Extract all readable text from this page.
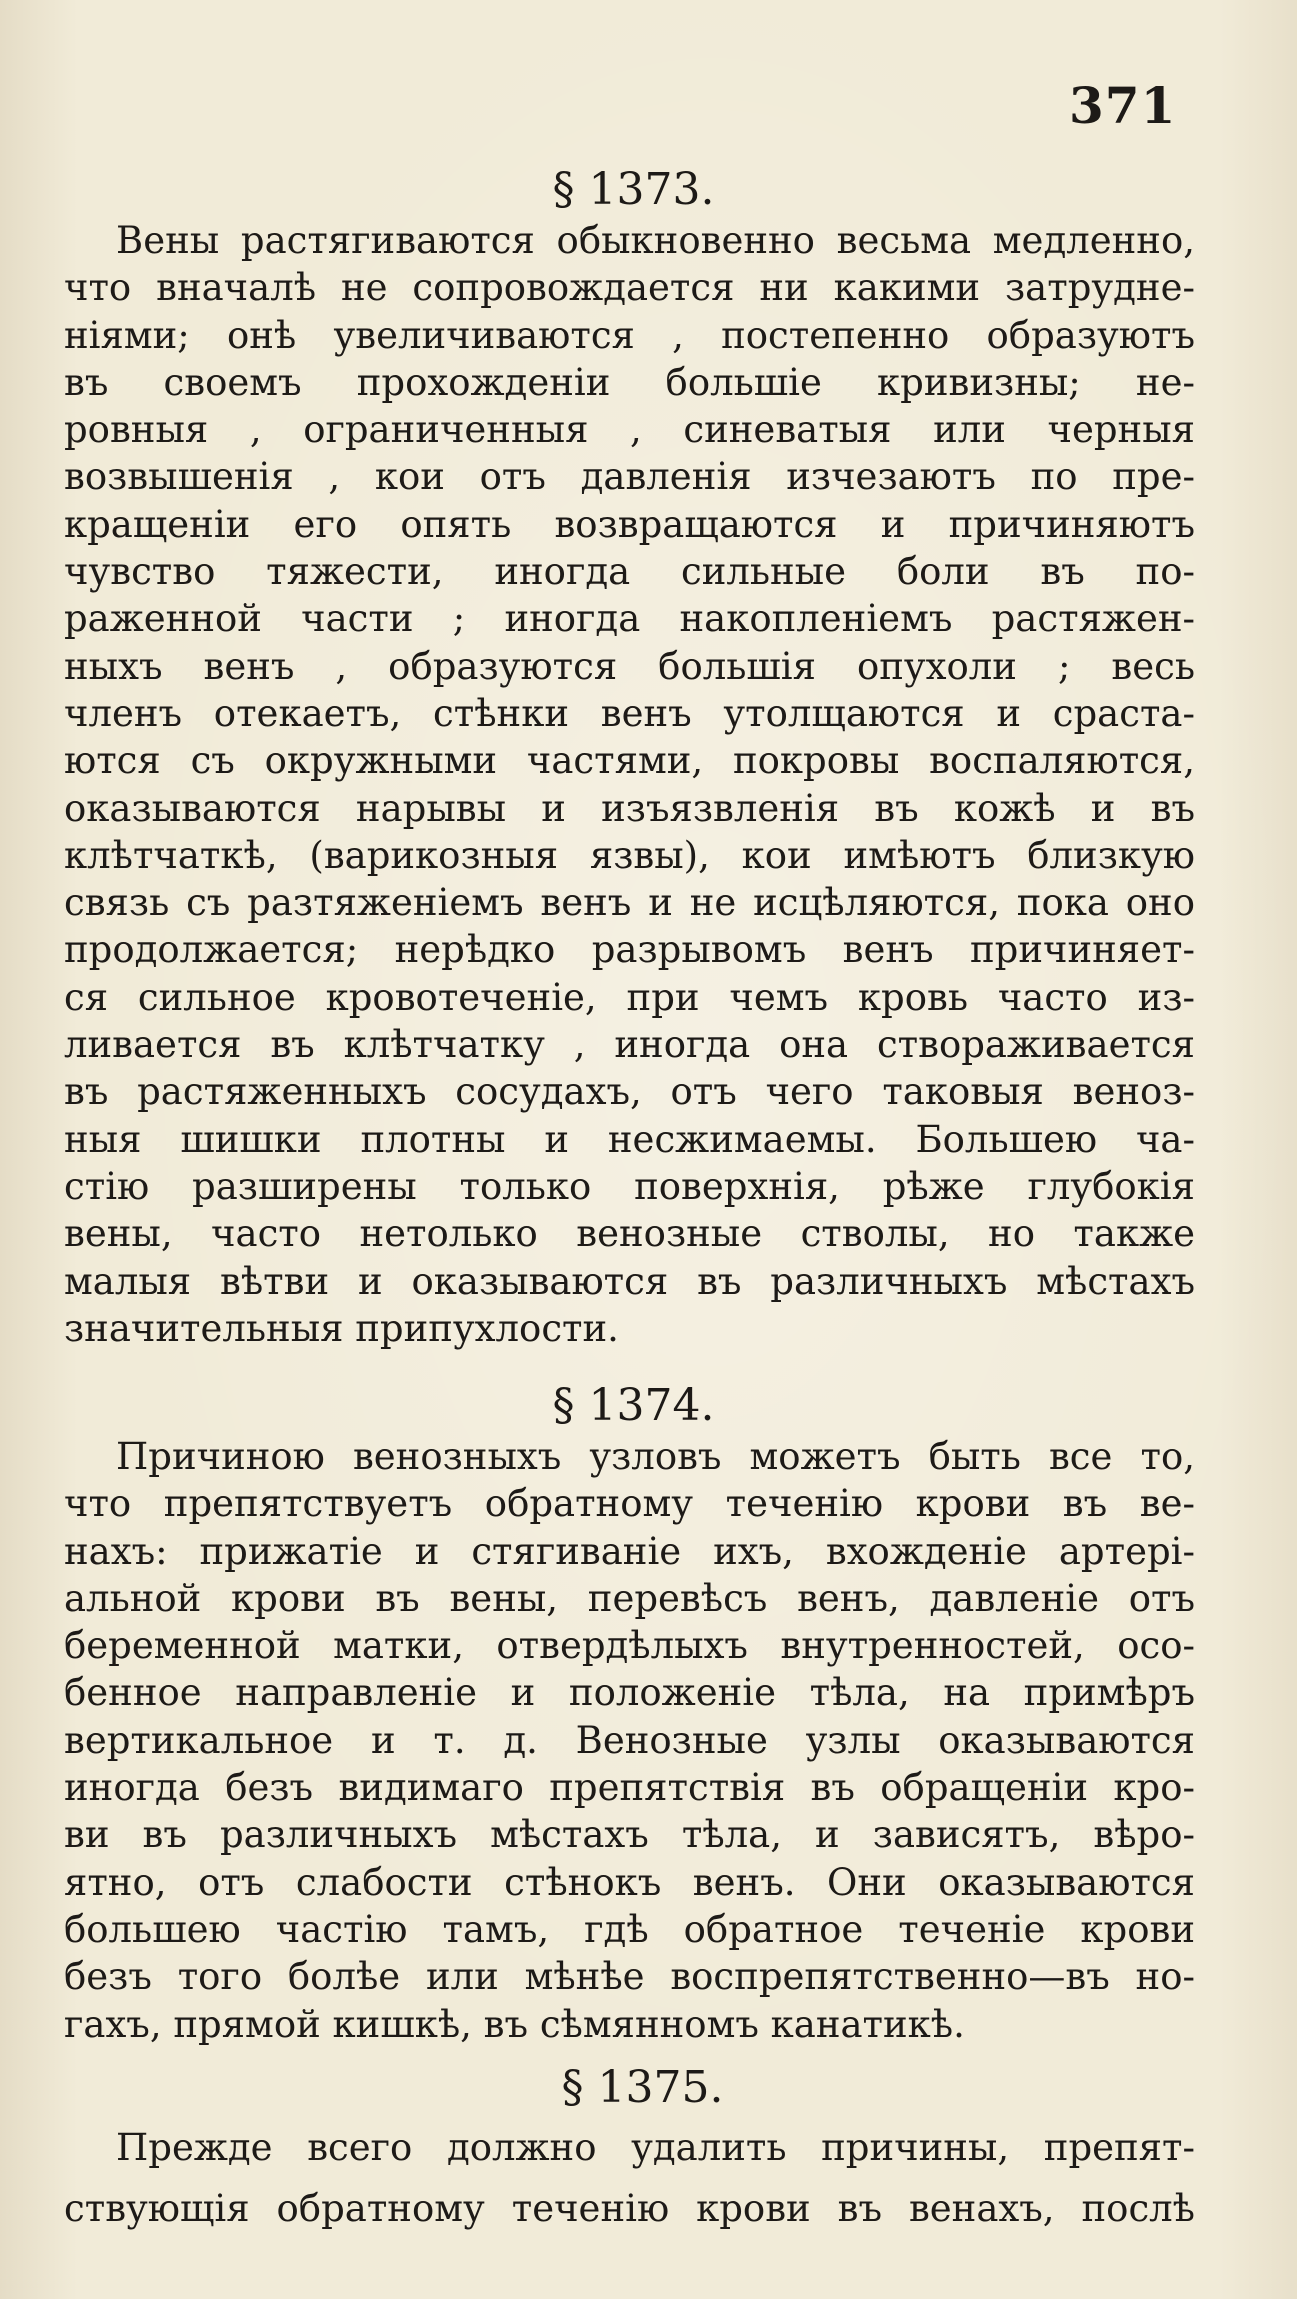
371
§ 1373.
Вены растягиваются обыкновенно весьма медленно,
что вначалѣ не сопровождается ни какими затрудне-
ніями; онѣ увеличиваются , постепенно образуютъ
въ своемъ прохожденіи большіе кривизны; не-
ровныя , ограниченныя , синеватыя или черныя
возвышенія , кои отъ давленія изчезаютъ по пре-
кращеніи его опять возвращаются и причиняютъ
чувство тяжести, иногда сильные боли въ по-
раженной части ; иногда накопленіемъ растяжен-
ныхъ венъ , образуются большія опухоли ; весь
членъ отекаетъ, стѣнки венъ утолщаются и сраста-
ются съ окружными частями, покровы воспаляются,
оказываются нарывы и изъязвленія въ кожѣ и въ
клѣтчаткѣ, (варикозныя язвы), кои имѣютъ близкую
связь съ разтяженіемъ венъ и не исцѣляются, пока оно
продолжается; нерѣдко разрывомъ венъ причиняет-
ся сильное кровотеченіе, при чемъ кровь часто из-
ливается въ клѣтчатку , иногда она створаживается
въ растяженныхъ сосудахъ, отъ чего таковыя веноз-
ныя шишки плотны и несжимаемы. Большею ча-
стію разширены только поверхнія, рѣже глубокія
вены, часто нетолько венозные стволы, но также
малыя вѣтви и оказываются въ различныхъ мѣстахъ
значительныя припухлости.
§ 1374.
Причиною венозныхъ узловъ можетъ быть все то,
что препятствуетъ обратному теченію крови въ ве-
нахъ: прижатіе и стягиваніе ихъ, вхожденіе артері-
альной крови въ вены, перевѣсъ венъ, давленіе отъ
беременной матки, отвердѣлыхъ внутренностей, осо-
бенное направленіе и положеніе тѣла, на примѣръ
вертикальное и т. д. Венозные узлы оказываются
иногда безъ видимаго препятствія въ обращеніи кро-
ви въ различныхъ мѣстахъ тѣла, и зависятъ, вѣро-
ятно, отъ слабости стѣнокъ венъ. Они оказываются
большею частію тамъ, гдѣ обратное теченіе крови
безъ того болѣе или мѣнѣе воспрепятственно—въ но-
гахъ, прямой кишкѣ, въ сѣмянномъ канатикѣ.
§ 1375.
Прежде всего должно удалить причины, препят-
ствующія обратному теченію крови въ венахъ, послѣ
